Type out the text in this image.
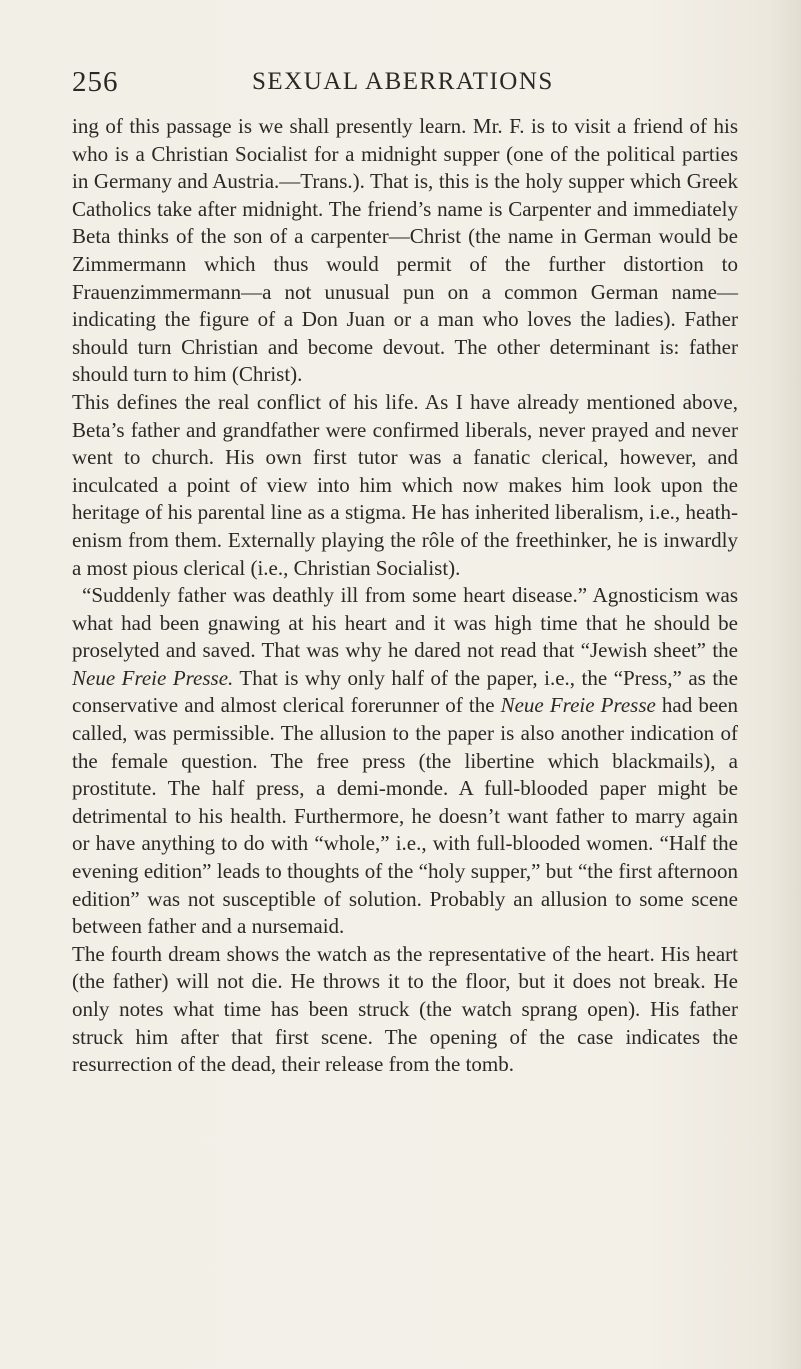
256	SEXUAL ABERRATIONS

ing of this passage is we shall presently learn. Mr. F. is to visit a friend of his who is a Christian Socialist for a midnight supper (one of the political parties in Germany and Austria.—Trans.). That is, this is the holy supper which Greek Catholics take after midnight. The friend’s name is Carpenter and immediately Beta thinks of the son of a carpenter—Christ (the name in German would be Zimmermann which thus would permit of the further distortion to Frauenzimmermann—a not unusual pun on a common German name—indicating the figure of a Don Juan or a man who loves the ladies). Father should turn Christian and become devout. The other determinant is: father should turn to him (Christ).

This defines the real conflict of his life. As I have already mentioned above, Beta’s father and grandfather were confirmed liberals, never prayed and never went to church. His own first tutor was a fanatic clerical, however, and inculcated a point of view into him which now makes him look upon the heritage of his parental line as a stigma. He has inherited liberalism, i.e., heathenism from them. Externally playing the rôle of the freethinker, he is inwardly a most pious clerical (i.e., Christian Socialist).

“Suddenly father was deathly ill from some heart disease.” Agnosticism was what had been gnawing at his heart and it was high time that he should be proselyted and saved. That was why he dared not read that “Jewish sheet” the Neue Freie Presse. That is why only half of the paper, i.e., the “Press,” as the conservative and almost clerical forerunner of the Neue Freie Presse had been called, was permissible. The allusion to the paper is also another indication of the female question. The free press (the libertine which blackmails), a prostitute. The half press, a demi-monde. A full-blooded paper might be detrimental to his health. Furthermore, he doesn’t want father to marry again or have anything to do with “whole,” i.e., with full-blooded women. “Half the evening edition” leads to thoughts of the “holy supper,” but “the first afternoon edition” was not susceptible of solution. Probably an allusion to some scene between father and a nursemaid.

The fourth dream shows the watch as the representative of the heart. His heart (the father) will not die. He throws it to the floor, but it does not break. He only notes what time has been struck (the watch sprang open). His father struck him after that first scene. The opening of the case indicates the resurrection of the dead, their release from the tomb.
